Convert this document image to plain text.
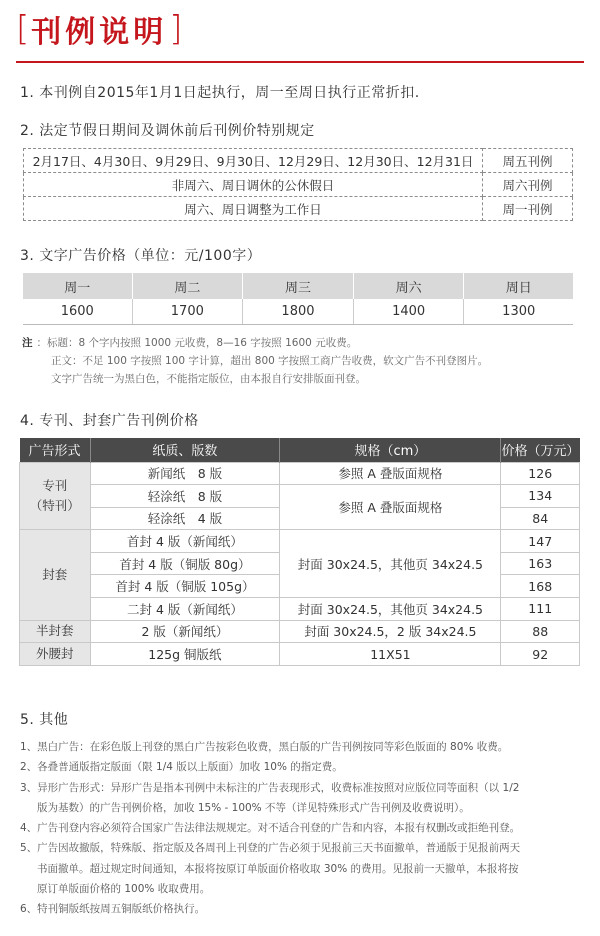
[ 刊例说明 ]
1. 本刊例自2015年1月1日起执行，周一至周日执行正常折扣.
2. 法定节假日期间及调休前后刊例价特别规定
2月17日、4月30日、9月29日、9月30日、12月29日、12月30日、12月31日	周五刊例
非周六、周日调休的公休假日	周六刊例
周六、周日调整为工作日	周一刊例
3. 文字广告价格（单位：元/100字）
周一	周二	周三	周六	周日
1600	1700	1800	1400	1300
注 ：标题：8 个字内按照 1000 元收费，8—16 字按照 1600 元收费。
正文：不足 100 字按照 100 字计算，超出 800 字按照工商广告收费，软文广告不刊登图片。
文字广告统一为黑白色，不能指定版位，由本报自行安排版面刊登。
4. 专刊、封套广告刊例价格
广告形式	纸质、版数	规格（cm）	价格（万元）

专刊
（特刊）	新闻纸　8 版	参照 A 叠版面规格	126
	轻涂纸　8 版	参照 A 叠版面规格	134
	轻涂纸　4 版		84
封套	首封 4 版（新闻纸）	封面 30x24.5，其他页 34x24.5	147
	首封 4 版（铜版 80g）		163
	首封 4 版（铜版 105g）		168
	二封 4 版（新闻纸）	封面 30x24.5，其他页 34x24.5	111
半封套	2 版（新闻纸）	封面 30x24.5，2 版 34x24.5	88
外腰封	125g 铜版纸	11X51	92
5. 其他

1、黑白广告：在彩色版上刊登的黑白广告按彩色收费，黑白版的广告刊例按同等彩色版面的 80% 收费。

2、各叠普通版指定版面（限 1/4 版以上版面）加收 10% 的指定费。

3、异形广告形式：异形广告是指本刊例中未标注的广告表现形式，收费标准按照对应版位同等面积（以 1/2

版为基数）的广告刊例价格，加收 15% - 100% 不等（详见特殊形式广告刊例及收费说明）。

4、广告刊登内容必须符合国家广告法律法规规定。对不适合刊登的广告和内容，本报有权删改或拒绝刊登。

5、广告因故撤版，特殊版、指定版及各周刊上刊登的广告必须于见报前三天书面撤单，普通版于见报前两天

书面撤单。超过规定时间通知，本报将按原订单版面价格收取 30% 的费用。见报前一天撤单，本报将按

原订单版面价格的 100% 收取费用。

6、特刊铜版纸按周五铜版纸价格执行。
